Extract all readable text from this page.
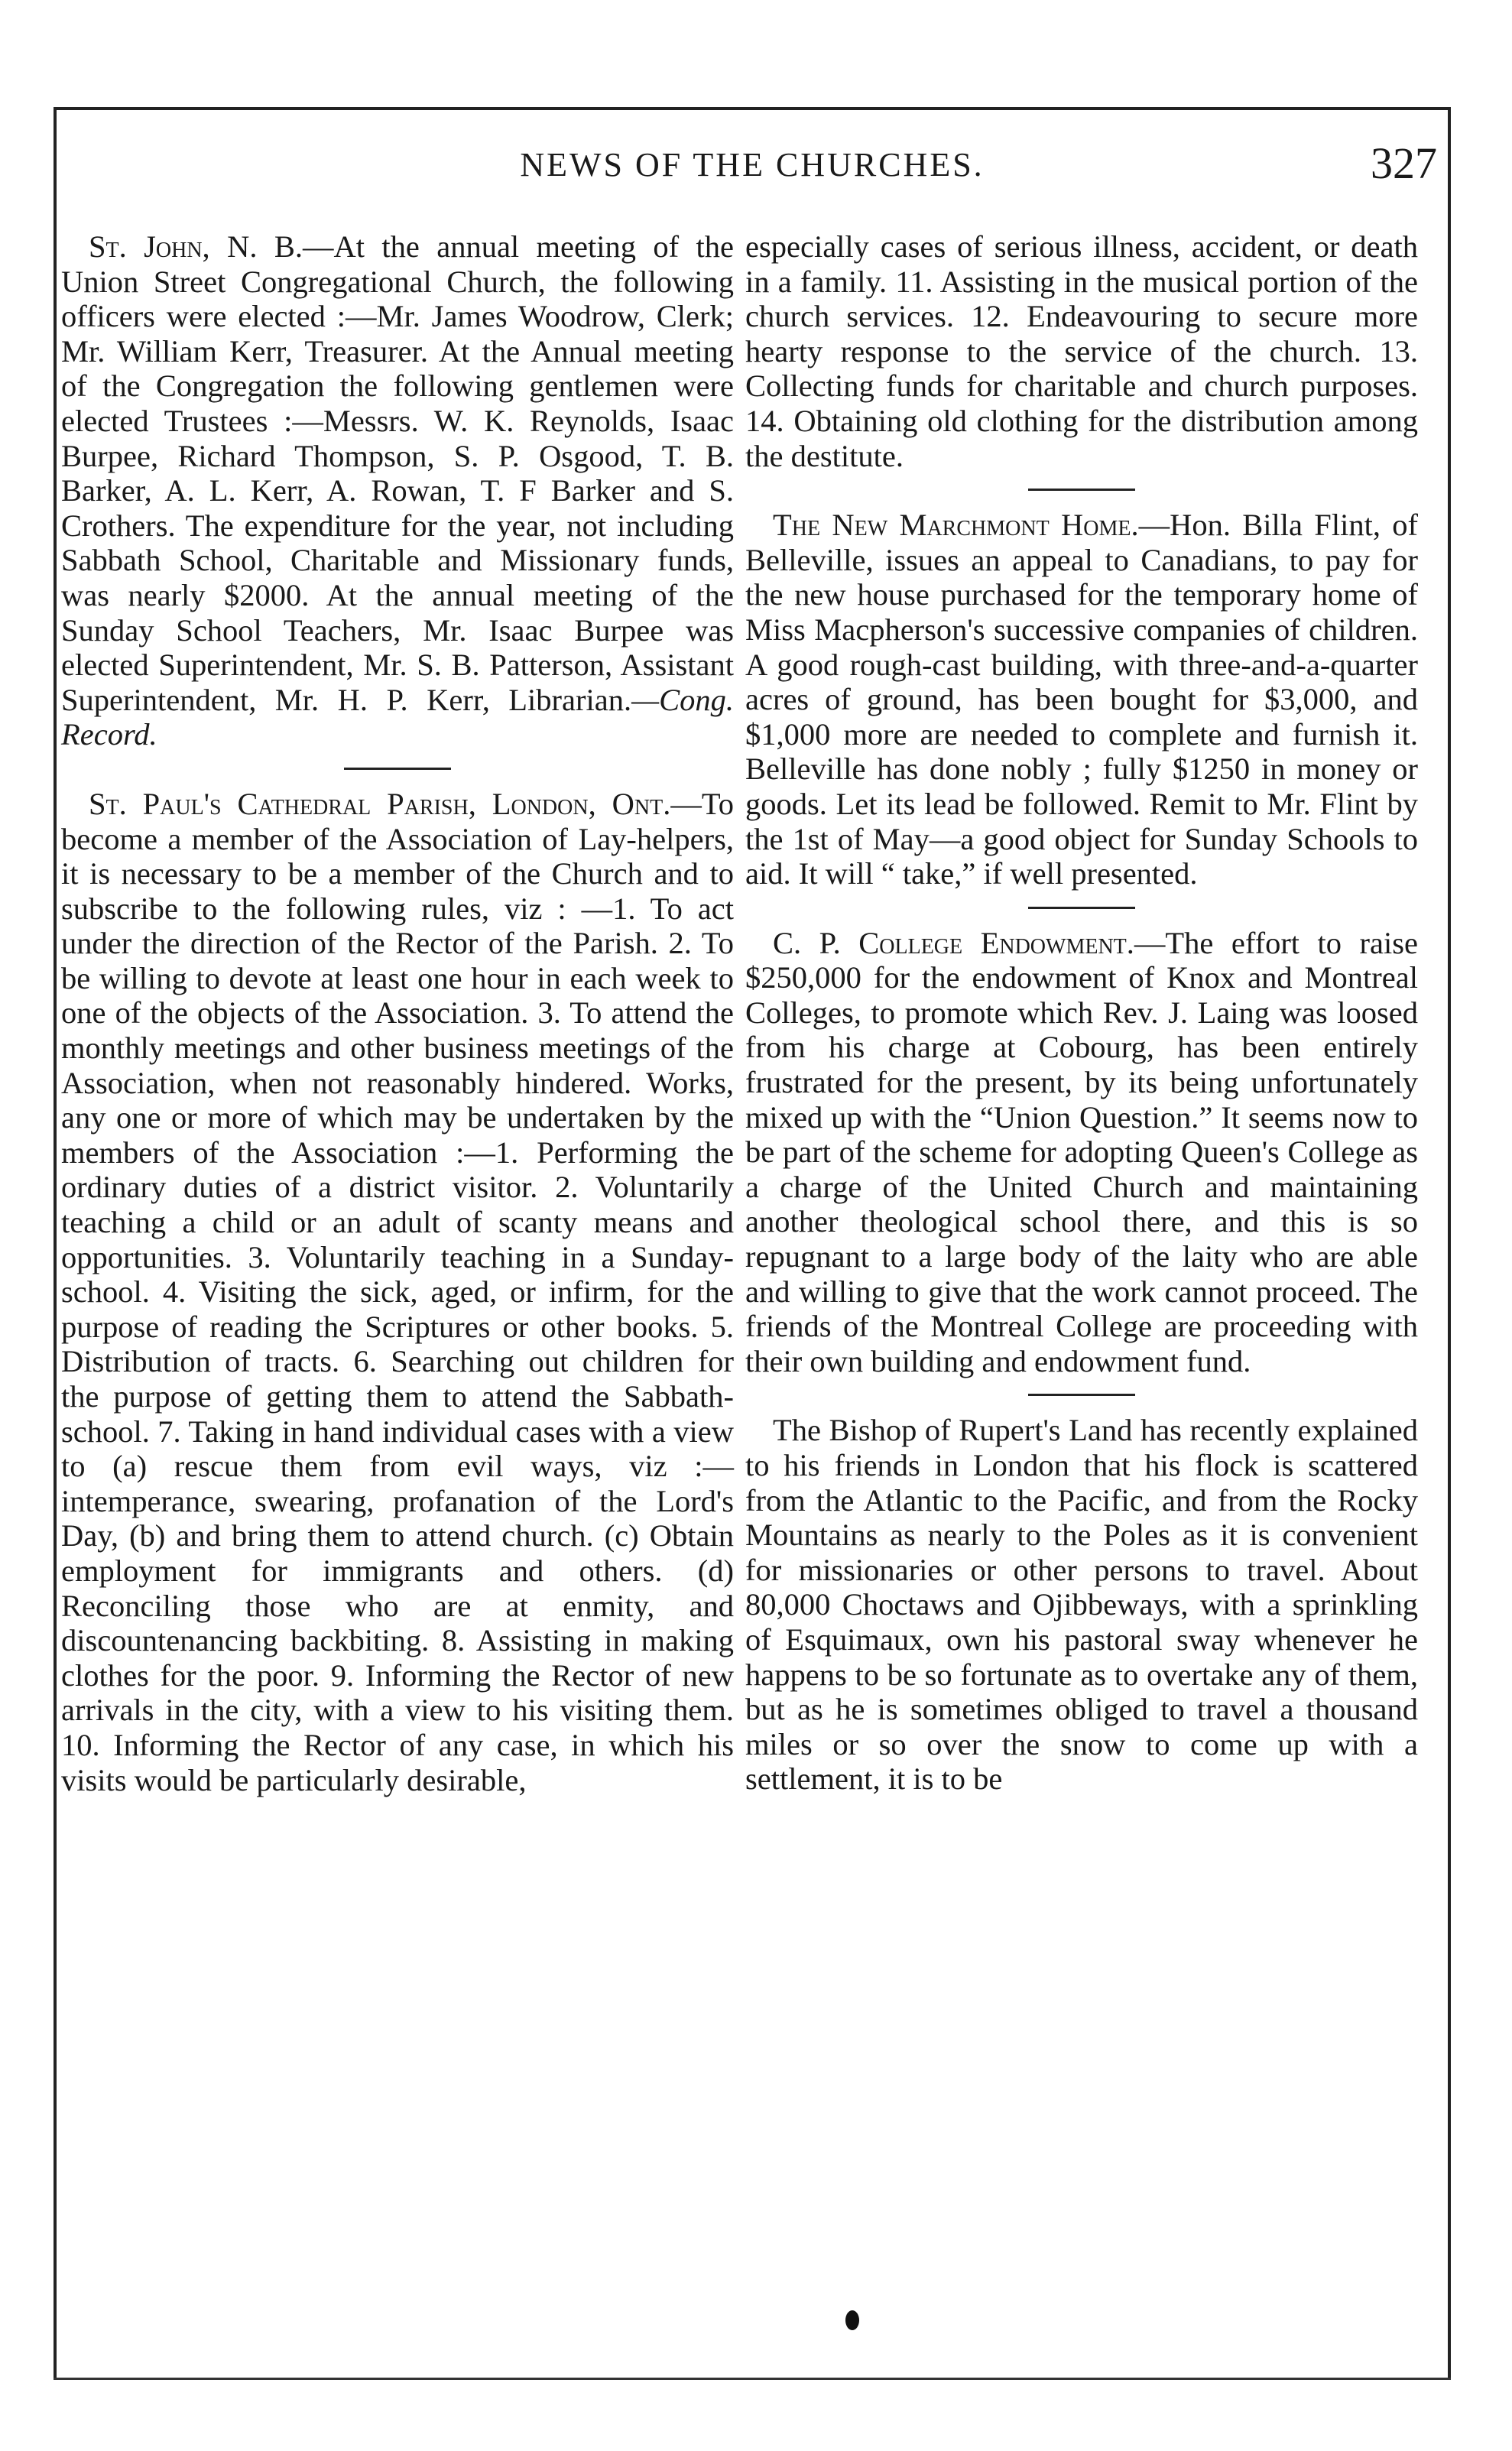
NEWS OF THE CHURCHES.	327

St. John, N. B.—At the annual meeting of the Union Street Congregational Church, the following officers were elected :—Mr. James Woodrow, Clerk; Mr. William Kerr, Treasurer. At the Annual meeting of the Congregation the following gentlemen were elected Trustees :—Messrs. W. K. Reynolds, Isaac Burpee, Richard Thompson, S. P. Osgood, T. B. Barker, A. L. Kerr, A. Rowan, T. F Barker and S. Crothers. The expenditure for the year, not including Sabbath School, Charitable and Missionary funds, was nearly $2000. At the annual meeting of the Sunday School Teachers, Mr. Isaac Burpee was elected Superintendent, Mr. S. B. Patterson, Assistant Superintendent, Mr. H. P. Kerr, Librarian.—Cong. Record.

St. Paul's Cathedral Parish, London, Ont.—To become a member of the Association of Lay-helpers, it is necessary to be a member of the Church and to subscribe to the following rules, viz : —1. To act under the direction of the Rector of the Parish. 2. To be willing to devote at least one hour in each week to one of the objects of the Association. 3. To attend the monthly meetings and other business meetings of the Association, when not reasonably hindered. Works, any one or more of which may be undertaken by the members of the Association :—1. Performing the ordinary duties of a district visitor. 2. Voluntarily teaching a child or an adult of scanty means and opportunities. 3. Voluntarily teaching in a Sunday-school. 4. Visiting the sick, aged, or infirm, for the purpose of reading the Scriptures or other books. 5. Distribution of tracts. 6. Searching out children for the purpose of getting them to attend the Sabbath-school. 7. Taking in hand individual cases with a view to (a) rescue them from evil ways, viz :—intemperance, swearing, profanation of the Lord's Day, (b) and bring them to attend church. (c) Obtain employment for immigrants and others. (d) Reconciling those who are at enmity, and discountenancing backbiting. 8. Assisting in making clothes for the poor. 9. Informing the Rector of new arrivals in the city, with a view to his visiting them. 10. Informing the Rector of any case, in which his visits would be particularly desirable,

especially cases of serious illness, accident, or death in a family. 11. Assisting in the musical portion of the church services. 12. Endeavouring to secure more hearty response to the service of the church. 13. Collecting funds for charitable and church purposes. 14. Obtaining old clothing for the distribution among the destitute.

The New Marchmont Home.—Hon. Billa Flint, of Belleville, issues an appeal to Canadians, to pay for the new house purchased for the temporary home of Miss Macpherson's successive companies of children. A good rough-cast building, with three-and-a-quarter acres of ground, has been bought for $3,000, and $1,000 more are needed to complete and furnish it. Belleville has done nobly ; fully $1250 in money or goods. Let its lead be followed. Remit to Mr. Flint by the 1st of May—a good object for Sunday Schools to aid. It will “ take,” if well presented.

C. P. College Endowment.—The effort to raise $250,000 for the endowment of Knox and Montreal Colleges, to promote which Rev. J. Laing was loosed from his charge at Cobourg, has been entirely frustrated for the present, by its being unfortunately mixed up with the “Union Question.” It seems now to be part of the scheme for adopting Queen's College as a charge of the United Church and maintaining another theological school there, and this is so repugnant to a large body of the laity who are able and willing to give that the work cannot proceed. The friends of the Montreal College are proceeding with their own building and endowment fund.

The Bishop of Rupert's Land has recently explained to his friends in London that his flock is scattered from the Atlantic to the Pacific, and from the Rocky Mountains as nearly to the Poles as it is convenient for missionaries or other persons to travel. About 80,000 Choctaws and Ojibbeways, with a sprinkling of Esquimaux, own his pastoral sway whenever he happens to be so fortunate as to overtake any of them, but as he is sometimes obliged to travel a thousand miles or so over the snow to come up with a settlement, it is to be
